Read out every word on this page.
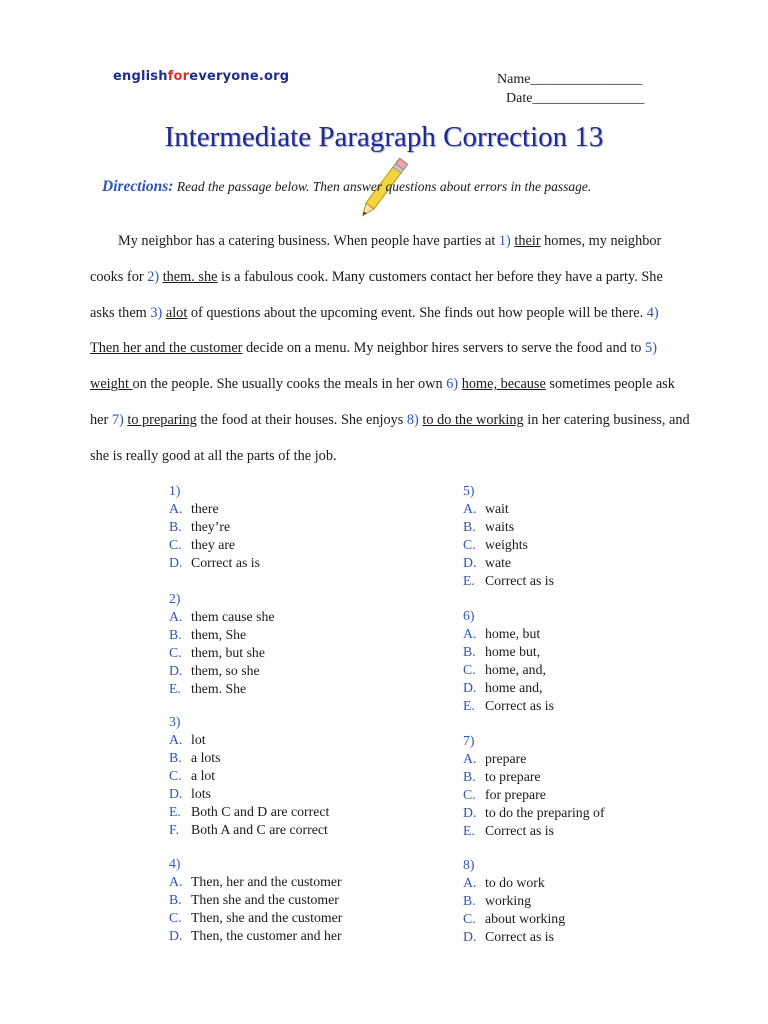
englishforeveryone.org	Name________________
Date________________
Intermediate Paragraph Correction 13
Directions: Read the passage below. Then answer questions about errors in the passage.

My neighbor has a catering business. When people have parties at 1) their homes, my neighbor cooks for 2) them. she is a fabulous cook. Many customers contact her before they have a party. She asks them 3) alot of questions about the upcoming event. She finds out how people will be there. 4) Then her and the customer decide on a menu. My neighbor hires servers to serve the food and to 5) weight on the people. She usually cooks the meals in her own 6) home, because sometimes people ask her 7) to preparing the food at their houses. She enjoys 8) to do the working in her catering business, and she is really good at all the parts of the job.

1)
A. there
B. they’re
C. they are
D. Correct as is
2)
A. them cause she
B. them, She
C. them, but she
D. them, so she
E. them. She
3)
A. lot
B. a lots
C. a lot
D. lots
E. Both C and D are correct
F. Both A and C are correct
4)
A. Then, her and the customer
B. Then she and the customer
C. Then, she and the customer
D. Then, the customer and her
5)
A. wait
B. waits
C. weights
D. wate
E. Correct as is
6)
A. home, but
B. home but,
C. home, and,
D. home and,
E. Correct as is
7)
A. prepare
B. to prepare
C. for prepare
D. to do the preparing of
E. Correct as is
8)
A. to do work
B. working
C. about working
D. Correct as is
